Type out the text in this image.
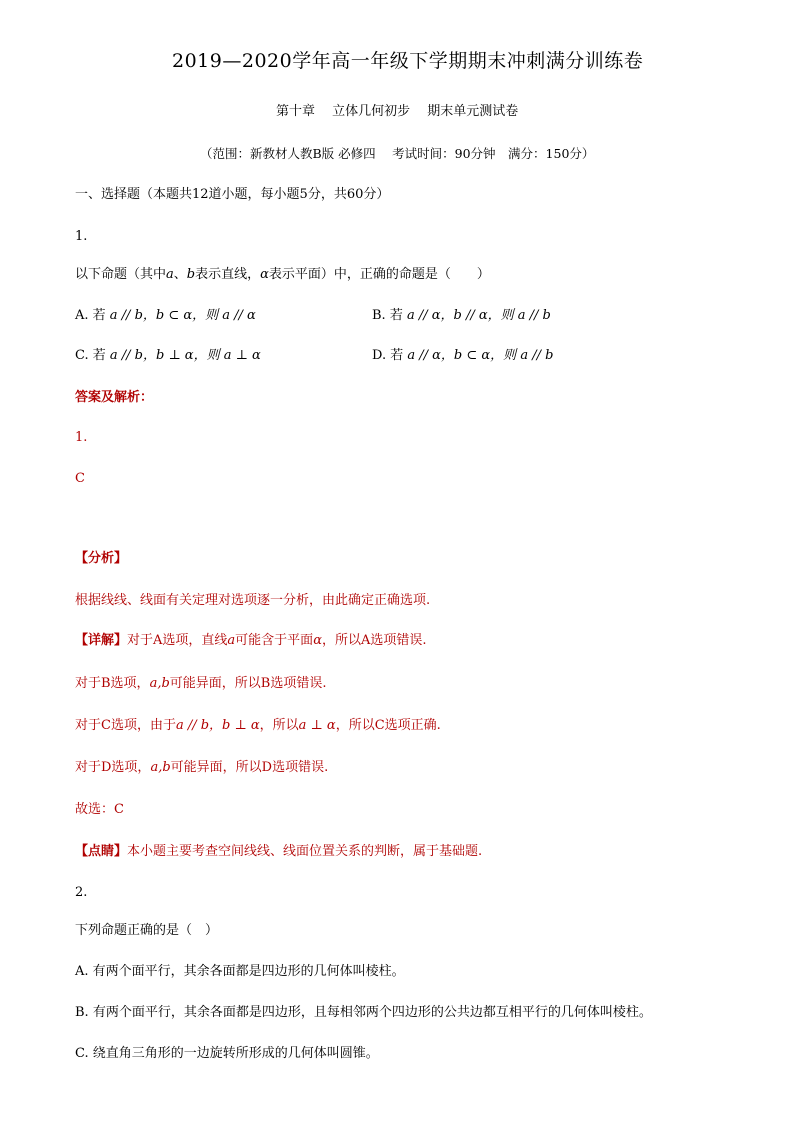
2019—2020学年高一年级下学期期末冲刺满分训练卷
第十章　 立体几何初步　 期末单元测试卷
（范围：新教材人教B版 必修四　 考试时间：90分钟　满分：150分）
一、选择题（本题共12道小题，每小题5分，共60分）
1.
以下命题（其中a、b表示直线，α表示平面）中，正确的命题是（　　）
A. 若 a // b，b ⊂ α，则 a // α	B. 若 a // α，b // α，则 a // b
C. 若 a // b，b ⊥ α，则 a ⊥ α	D. 若 a // α，b ⊂ α，则 a // b
答案及解析：
1.
C
【分析】
根据线线、线面有关定理对选项逐一分析，由此确定正确选项.
【详解】对于A选项，直线a可能含于平面α，所以A选项错误.
对于B选项，a,b可能异面，所以B选项错误.
对于C选项，由于a // b，b ⊥ α，所以a ⊥ α，所以C选项正确.
对于D选项，a,b可能异面，所以D选项错误.
故选：C
【点睛】本小题主要考查空间线线、线面位置关系的判断，属于基础题.
2.
下列命题正确的是（　）
A. 有两个面平行，其余各面都是四边形的几何体叫棱柱。
B. 有两个面平行，其余各面都是四边形，且每相邻两个四边形的公共边都互相平行的几何体叫棱柱。
C. 绕直角三角形的一边旋转所形成的几何体叫圆锥。
